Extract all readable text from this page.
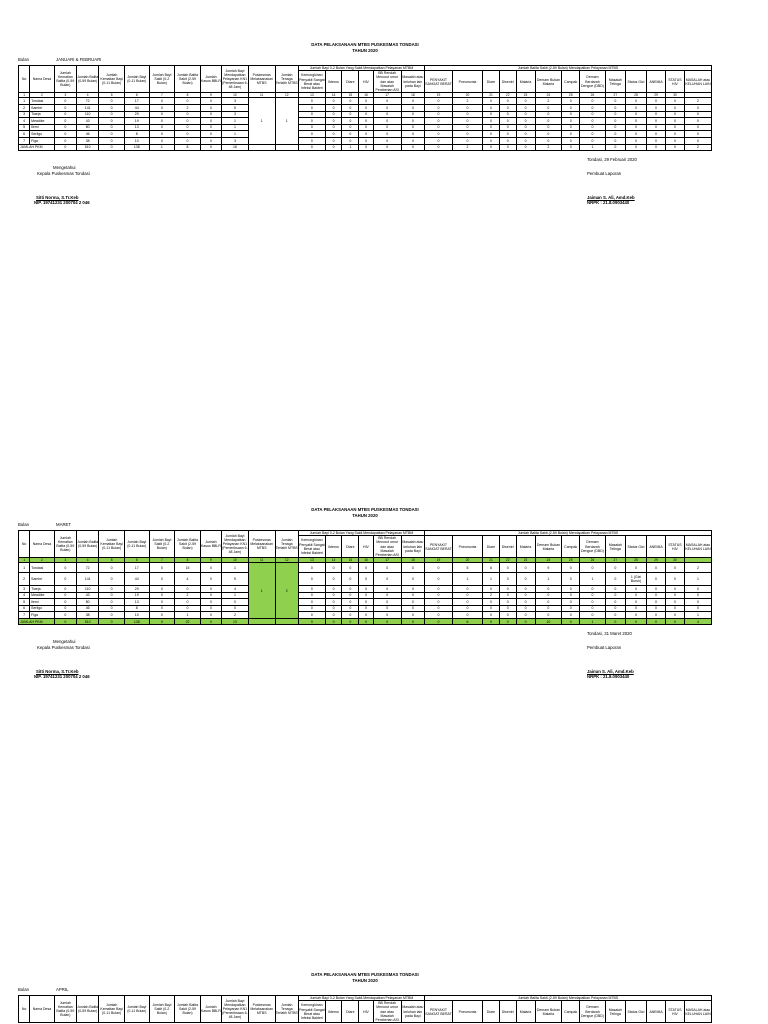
DATA PELAKSANAAN MTBS PUSKESMAS TONDASI
TAHUN 2020
Bulan	JANUARI & FEBRUARI
No	Nama Desa	Jumlah Kematian Balita (0-59 Bulan)	Jumlah Balita (0-59 Bulan)	Jumlah Kematian Bayi (0-11 Bulan)	Jumlah Bayi (0-11 Bulan)	Jumlah Bayi Sakit (0-2 Bulan)	Jumlah Balita Sakit (2-59 Bulan)	Jumlah Kasus BBLR	Jumlah Bayi Mendapatkan Pelayanan KN1 (Pemeriksaan 6-48 Jam)	Puskesmas Melaksanakan MTBS	Jumlah Tenaga Terlatih MTBS	Jumlah Bayi 0-2 Bulan Yang Sakit Mendapatkan Pelayanan MTBM						Jumlah Balita Sakit (2-59 Bulan) Mendapatkan Pelayanan MTBS												
												Kemungkinan Penyakit Sangat Berat atau Infeksi Bakteri	Ikterus	Diare	HIV	BB Rendah Menurut umur dan atau Masalah Pemberian ASI	Masalah atau keluhan lain pada Bayi	PENYAKIT SANGAT BERAT	Pneumonia	Diare	Disentri	Malaria	Demam Bukan Malaria	Campak	Demam Berdarah Dengue (DBD)	Masalah Telinga	Status Gizi	ANEMIA	STATUS HIV	MASALAH atau KELUHAN LAIN
1	2	3	4	5	6	7	8	9	10	11	12	13	14	15	16	17	18	19	20	21	22	23	24	25	26	27	28	29	30	
1	Tondasi	0	72	0	17	0	0	0	3	1	1	0	0	0	0	0	0	0	2	0	0	0	2	0	0	0	0	0	0	2
2	Sambri	0	141	0	44	0	2	0	5			0	0	0	0	0	0	0	0	0	0	0	0	0	0	0	0	0	0	0
3	Tiaeja	0	110	0	29	0	0	0	3			0	0	0	0	0	0	0	0	0	0	0	0	0	0	0	0	0	0	0
4	Meadike	0	43	0	19	0	0	0	1			0	0	0	0	0	0	0	0	0	0	0	0	0	0	0	0	0	0	0
5	Ilemi	0	80	0	13	0	0	0	1			0	0	0	0	0	0	0	0	0	0	0	0	0	0	0	0	0	0	0
6	Serilgo	0	46	0	8	0	0	0	1			0	0	0	0	0	0	0	0	0	0	0	0	0	0	0	0	0	0	0
7	Figa	0	38	0	10	0	0	0	3			0	0	0	0	0	0	0	0	0	0	0	0	0	0	0	0	0	0	0
JUMLAH PKM		0	510	0	138	1	8	0	16			0	0	1	0	0	0	0	2	0	0	0	2	0	1	0	0	0	0	2
Tondasi, 29 Februari 2020
Mengetahui
Kepala Puskesmas Tondasi	Pembuat Laporan
Sitti Norma, S.Tr.Keb
NIP. 19741231 200704 2 046
Jaiman S. Ali, Amd.Keb
NRPK : 21.8.0903440
DATA PELAKSANAAN MTBS PUSKESMAS TONDASI
TAHUN 2020
Bulan	MARET
No	Nama Desa	Jumlah Kematian Balita (0-59 Bulan)	Jumlah Balita (0-59 Bulan)	Jumlah Kematian Bayi (0-11 Bulan)	Jumlah Bayi (0-11 Bulan)	Jumlah Bayi Sakit (0-2 Bulan)	Jumlah Balita Sakit (2-59 Bulan)	Jumlah Kasus BBLR	Jumlah Bayi Mendapatkan Pelayanan KN1 (Pemeriksaan 6-48 Jam)	Puskesmas Melaksanakan MTBS	Jumlah Tenaga Terlatih MTBS	Jumlah Bayi 0-2 Bulan Yang Sakit Mendapatkan Pelayanan MTBM						Jumlah Balita Sakit (2-59 Bulan) Mendapatkan Pelayanan MTBS												
												Kemungkinan Penyakit Sangat Berat atau Infeksi Bakteri	Ikterus	Diare	HIV	BB Rendah Menurut umur dan atau Masalah Pemberian ASI	Masalah atau keluhan lain pada Bayi	PENYAKIT SANGAT BERAT	Pneumonia	Diare	Disentri	Malaria	Demam Bukan Malaria	Campak	Demam Berdarah Dengue (DBD)	Masalah Telinga	Status Gizi	ANEMIA	STATUS HIV	MASALAH atau KELUHAN LAIN
1	2	3	4	5	6	7	8	9	10	11	12	13	14	15	16	17	18	19	20	21	22	23	24	25	26	27	28	29	30	
1	Tondasi	0	72	0	17	0	15	0	1	1	2	0	0	0	0	0	0	0	5	6	0	0	9	0	0	0	0	0	0	2
2	Sambri	0	141	0	44	0	4	0	5			0	0	0	0	0	0	0	1	1	0	0	1	0	1	0	1 (Gizi Buruk)	0	0	1
3	Tiaeja	0	110	0	29	0	0	0	4			0	0	0	0	0	0	0	0	0	0	0	0	0	0	0	0	0	0	0
4	Meadike	0	43	0	19	0	2	0	1			0	0	0	0	0	0	0	0	2	0	0	0	0	0	0	0	0	0	0
5	Ilemi	0	80	0	13	0	0	0	0			0	0	0	0	0	0	0	0	0	0	0	0	0	0	0	0	0	0	0
6	Serilgo	0	46	0	8	0	0	0	0			0	0	0	0	0	0	0	0	0	0	0	0	0	0	0	0	0	0	0
7	Figa	0	38	0	10	0	1	0	2			0	0	0	0	0	0	0	0	0	0	0	0	0	0	0	0	0	0	1
JUMLAH PKM		0	510	0	138	0	22	0	13			0	0	0	0	0	0	0	6	9	0	0	10	0	1	0	0	0	0	4
Tondasi, 31 Maret 2020
Mengetahui
Kepala Puskesmas Tondasi	Pembuat Laporan
Sitti Norma, S.Tr.Keb
NIP. 19741231 200704 2 046
Jainun S. Ali, Amd.Keb
NRPK : 21.8.0903440
DATA PELAKSANAAN MTBS PUSKESMAS TONDASI
TAHUN 2020
Bulan	APRIL
No	Nama Desa	Jumlah Kematian Balita (0-59 Bulan)	Jumlah Balita (0-59 Bulan)	Jumlah Kematian Bayi (0-11 Bulan)	Jumlah Bayi (0-11 Bulan)	Jumlah Bayi Sakit (0-2 Bulan)	Jumlah Balita Sakit (2-59 Bulan)	Jumlah Kasus BBLR	Jumlah Bayi Mendapatkan Pelayanan KN1 (Pemeriksaan 6-48 Jam)	Puskesmas Melaksanakan MTBS	Jumlah Tenaga Terlatih MTBS	Jumlah Bayi 0-2 Bulan Yang Sakit Mendapatkan Pelayanan MTBM						Jumlah Balita Sakit (2-59 Bulan) Mendapatkan Pelayanan MTBS												
												Kemungkinan Penyakit Sangat Berat atau Infeksi Bakteri	Ikterus	Diare	HIV	BB Rendah Menurut umur dan atau Masalah Pemberian ASI	Masalah atau keluhan lain pada Bayi	PENYAKIT SANGAT BERAT	Pneumonia	Diare	Disentri	Malaria	Demam Bukan Malaria	Campak	Demam Berdarah Dengue (DBD)	Masalah Telinga	Status Gizi	ANEMIA	STATUS HIV	MASALAH atau KELUHAN LAIN
